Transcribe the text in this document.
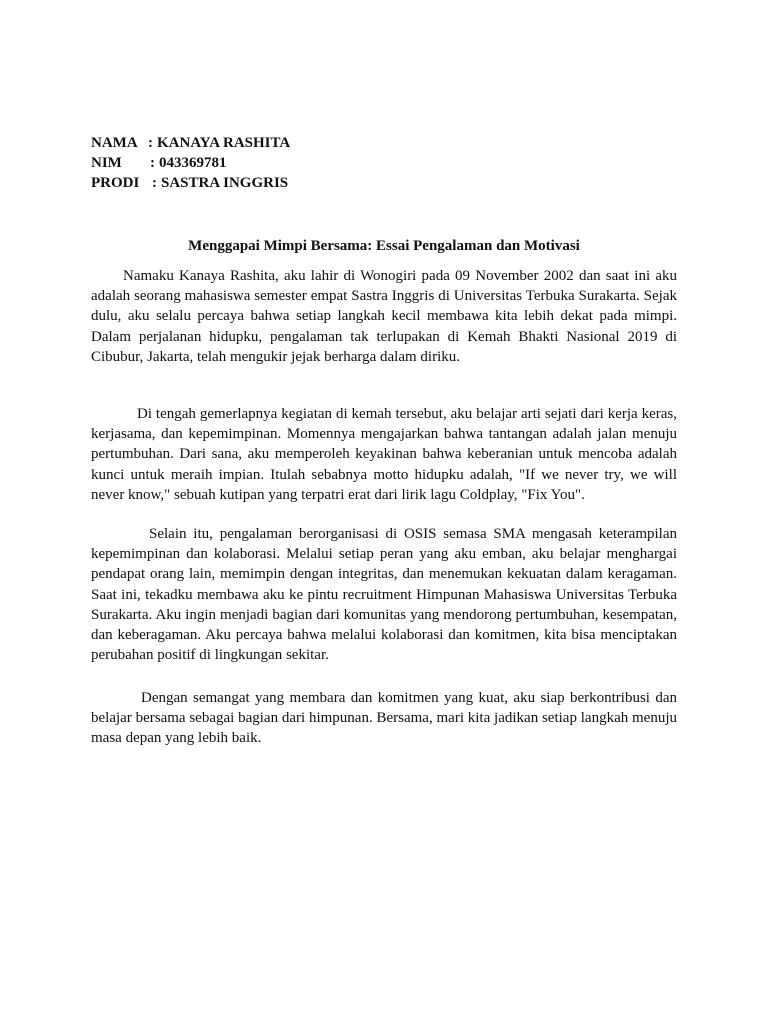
NAMA : KANAYA RASHITA
NIM	: 043369781
PRODI : SASTRA INGGRIS
Menggapai Mimpi Bersama: Essai Pengalaman dan Motivasi

Namaku Kanaya Rashita, aku lahir di Wonogiri pada 09 November 2002 dan saat ini aku adalah seorang mahasiswa semester empat Sastra Inggris di Universitas Terbuka Surakarta. Sejak dulu, aku selalu percaya bahwa setiap langkah kecil membawa kita lebih dekat pada mimpi. Dalam perjalanan hidupku, pengalaman tak terlupakan di Kemah Bhakti Nasional 2019 di Cibubur, Jakarta, telah mengukir jejak berharga dalam diriku.

Di tengah gemerlapnya kegiatan di kemah tersebut, aku belajar arti sejati dari kerja keras, kerjasama, dan kepemimpinan. Momennya mengajarkan bahwa tantangan adalah jalan menuju pertumbuhan. Dari sana, aku memperoleh keyakinan bahwa keberanian untuk mencoba adalah kunci untuk meraih impian. Itulah sebabnya motto hidupku adalah, "If we never try, we will never know," sebuah kutipan yang terpatri erat dari lirik lagu Coldplay, "Fix You".

Selain itu, pengalaman berorganisasi di OSIS semasa SMA mengasah keterampilan kepemimpinan dan kolaborasi. Melalui setiap peran yang aku emban, aku belajar menghargai pendapat orang lain, memimpin dengan integritas, dan menemukan kekuatan dalam keragaman. Saat ini, tekadku membawa aku ke pintu recruitment Himpunan Mahasiswa Universitas Terbuka Surakarta. Aku ingin menjadi bagian dari komunitas yang mendorong pertumbuhan, kesempatan, dan keberagaman. Aku percaya bahwa melalui kolaborasi dan komitmen, kita bisa menciptakan perubahan positif di lingkungan sekitar.

Dengan semangat yang membara dan komitmen yang kuat, aku siap berkontribusi dan belajar bersama sebagai bagian dari himpunan. Bersama, mari kita jadikan setiap langkah menuju masa depan yang lebih baik.
